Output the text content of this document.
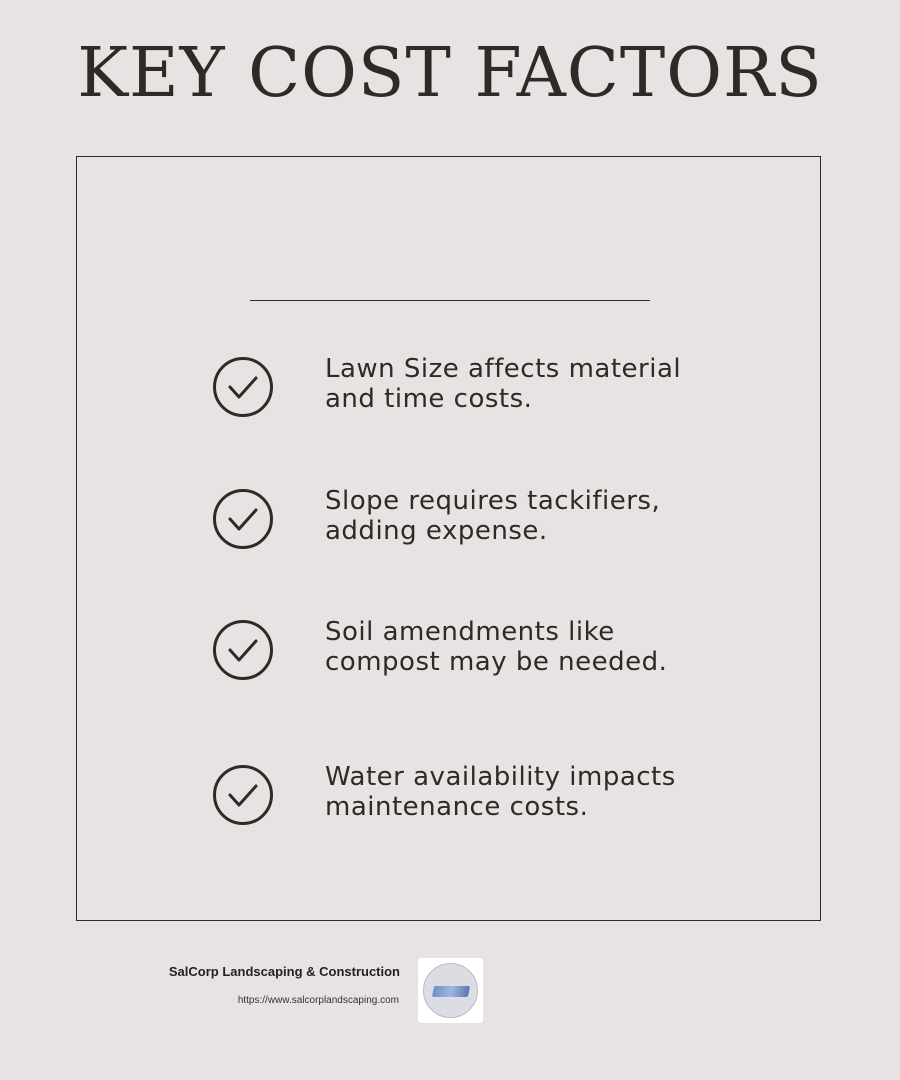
KEY COST FACTORS

Lawn Size affects material and time costs.

Slope requires tackifiers, adding expense.

Soil amendments like compost may be needed.

Water availability impacts maintenance costs.

SalCorp Landscaping & Construction
https://www.salcorplandscaping.com
